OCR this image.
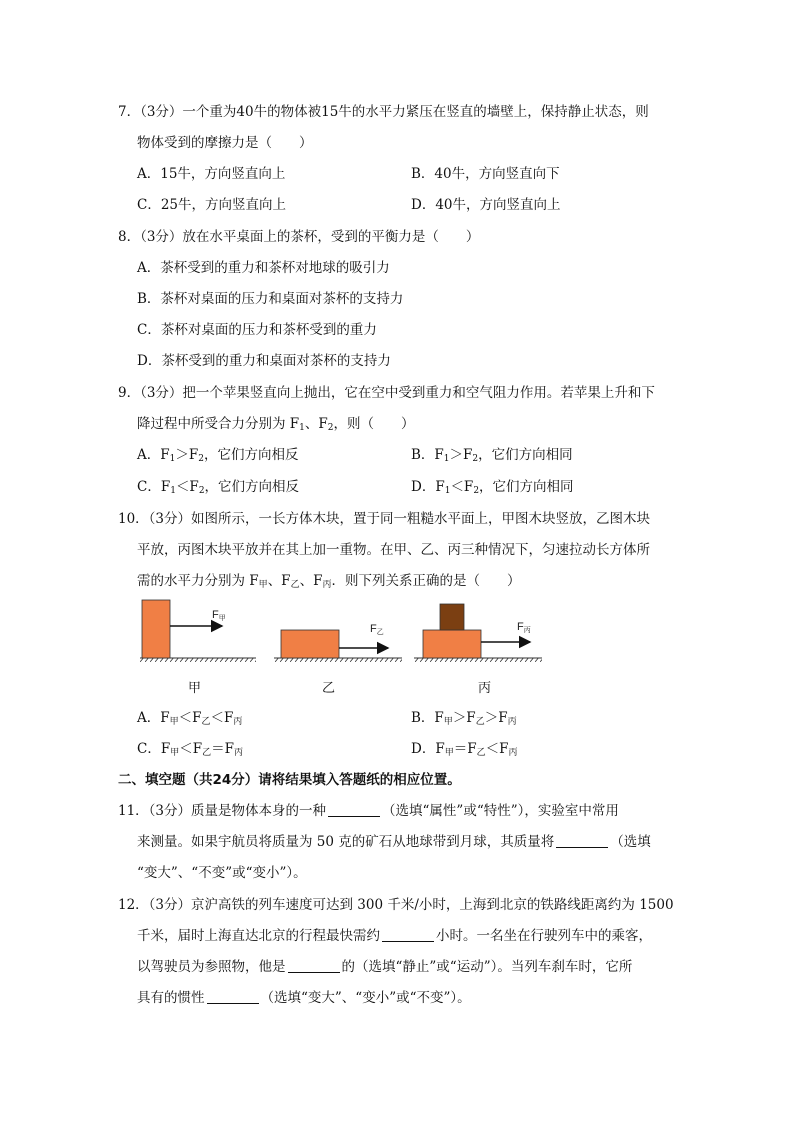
7．（3分）一个重为40牛的物体被15牛的水平力紧压在竖直的墙壁上，保持静止状态，则
物体受到的摩擦力是（　　）
A．15牛，方向竖直向上	B．40牛，方向竖直向下
C．25牛，方向竖直向上	D．40牛，方向竖直向上
8．（3分）放在水平桌面上的茶杯，受到的平衡力是（　　）
A．茶杯受到的重力和茶杯对地球的吸引力
B．茶杯对桌面的压力和桌面对茶杯的支持力
C．茶杯对桌面的压力和茶杯受到的重力
D．茶杯受到的重力和桌面对茶杯的支持力
9．（3分）把一个苹果竖直向上抛出，它在空中受到重力和空气阻力作用。若苹果上升和下
降过程中所受合力分别为 $F_1$、$F_2$，则（　　）
A．$F_1>F_2$，它们方向相反	B．$F_1>F_2$，它们方向相同
C．$F_1<F_2$，它们方向相反	D．$F_1<F_2$，它们方向相同
10．（3分）如图所示，一长方体木块，置于同一粗糙水平面上，甲图木块竖放，乙图木块
平放，丙图木块平放并在其上加一重物。在甲、乙、丙三种情况下，匀速拉动长方体所
需的水平力分别为 $F_甲$、$F_乙$、$F_丙$．则下列关系正确的是（　　）
F甲
甲
F乙
乙
F丙
丙
A．$F_甲<F_乙<F_丙$	B．$F_甲>F_乙>F_丙$
C．$F_甲<F_乙=F_丙$	D．$F_甲=F_乙<F_丙$
二、填空题（共24分）请将结果填入答题纸的相应位置。
11．（3分）质量是物体本身的一种	（选填“属性”或“特性”），实验室中常用
来测量。如果宇航员将质量为 50 克的矿石从地球带到月球，其质量将	（选填
“变大”、“不变”或“变小”）。
12．（3分）京沪高铁的列车速度可达到 300 千米/小时，上海到北京的铁路线距离约为 1500
千米，届时上海直达北京的行程最快需约	小时。一名坐在行驶列车中的乘客，
以驾驶员为参照物，他是	的（选填“静止”或“运动”）。当列车刹车时，它所
具有的惯性	（选填“变大”、“变小”或“不变”）。
